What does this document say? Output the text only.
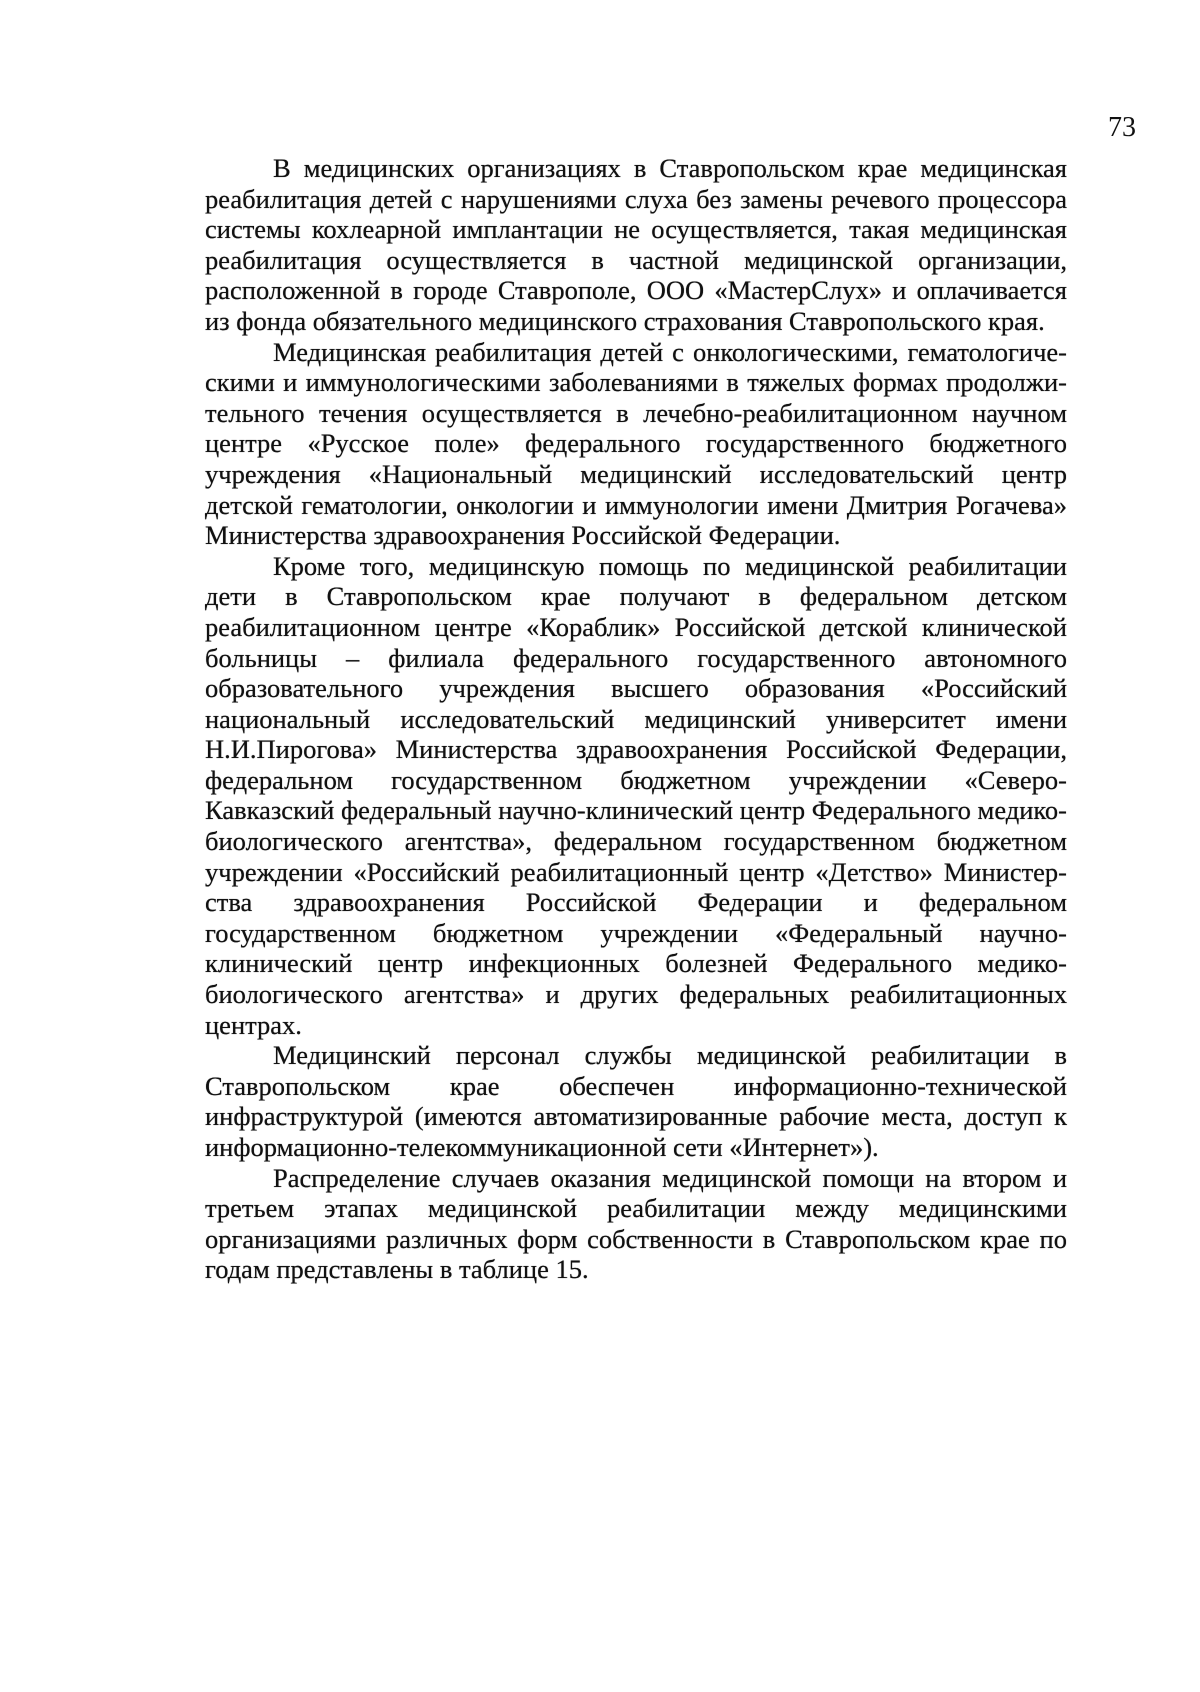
73

В медицинских организациях в Ставропольском крае медицинская реабилитация детей с нарушениями слуха без замены речевого процессора системы кохлеарной имплантации не осуществляется, такая медицинская реабилитация осуществляется в частной медицинской организации, расположенной в городе Ставрополе, ООО «МастерСлух» и оплачивается из фонда обязательного медицинского страхования Ставропольского края.

Медицинская реабилитация детей с онкологическими, гематологическими и иммунологическими заболеваниями в тяжелых формах продолжительного течения осуществляется в лечебно-реабилитационном научном центре «Русское поле» федерального государственного бюджетного учреждения «Национальный медицинский исследовательский центр детской гематологии, онкологии и иммунологии имени Дмитрия Рогачева» Министерства здравоохранения Российской Федерации.

Кроме того, медицинскую помощь по медицинской реабилитации дети в Ставропольском крае получают в федеральном детском реабилитационном центре «Кораблик» Российской детской клинической больницы – филиала федерального государственного автономного образовательного учреждения высшего образования «Российский национальный исследовательский медицинский университет имени Н.И.Пирогова» Министерства здравоохранения Российской Федерации, федеральном государственном бюджетном учреждении «Северо-Кавказский федеральный научно-клинический центр Федерального медико-биологического агентства», федеральном государственном бюджетном учреждении «Российский реабилитационный центр «Детство» Министерства здравоохранения Российской Федерации и федеральном государственном бюджетном учреждении «Федеральный научно-клинический центр инфекционных болезней Федерального медико-биологического агентства» и других федеральных реабилитационных центрах.

Медицинский персонал службы медицинской реабилитации в Ставропольском крае обеспечен информационно-технической инфраструктурой (имеются автоматизированные рабочие места, доступ к информационно-телекоммуникационной сети «Интернет»).

Распределение случаев оказания медицинской помощи на втором и третьем этапах медицинской реабилитации между медицинскими организациями различных форм собственности в Ставропольском крае по годам представлены в таблице 15.
